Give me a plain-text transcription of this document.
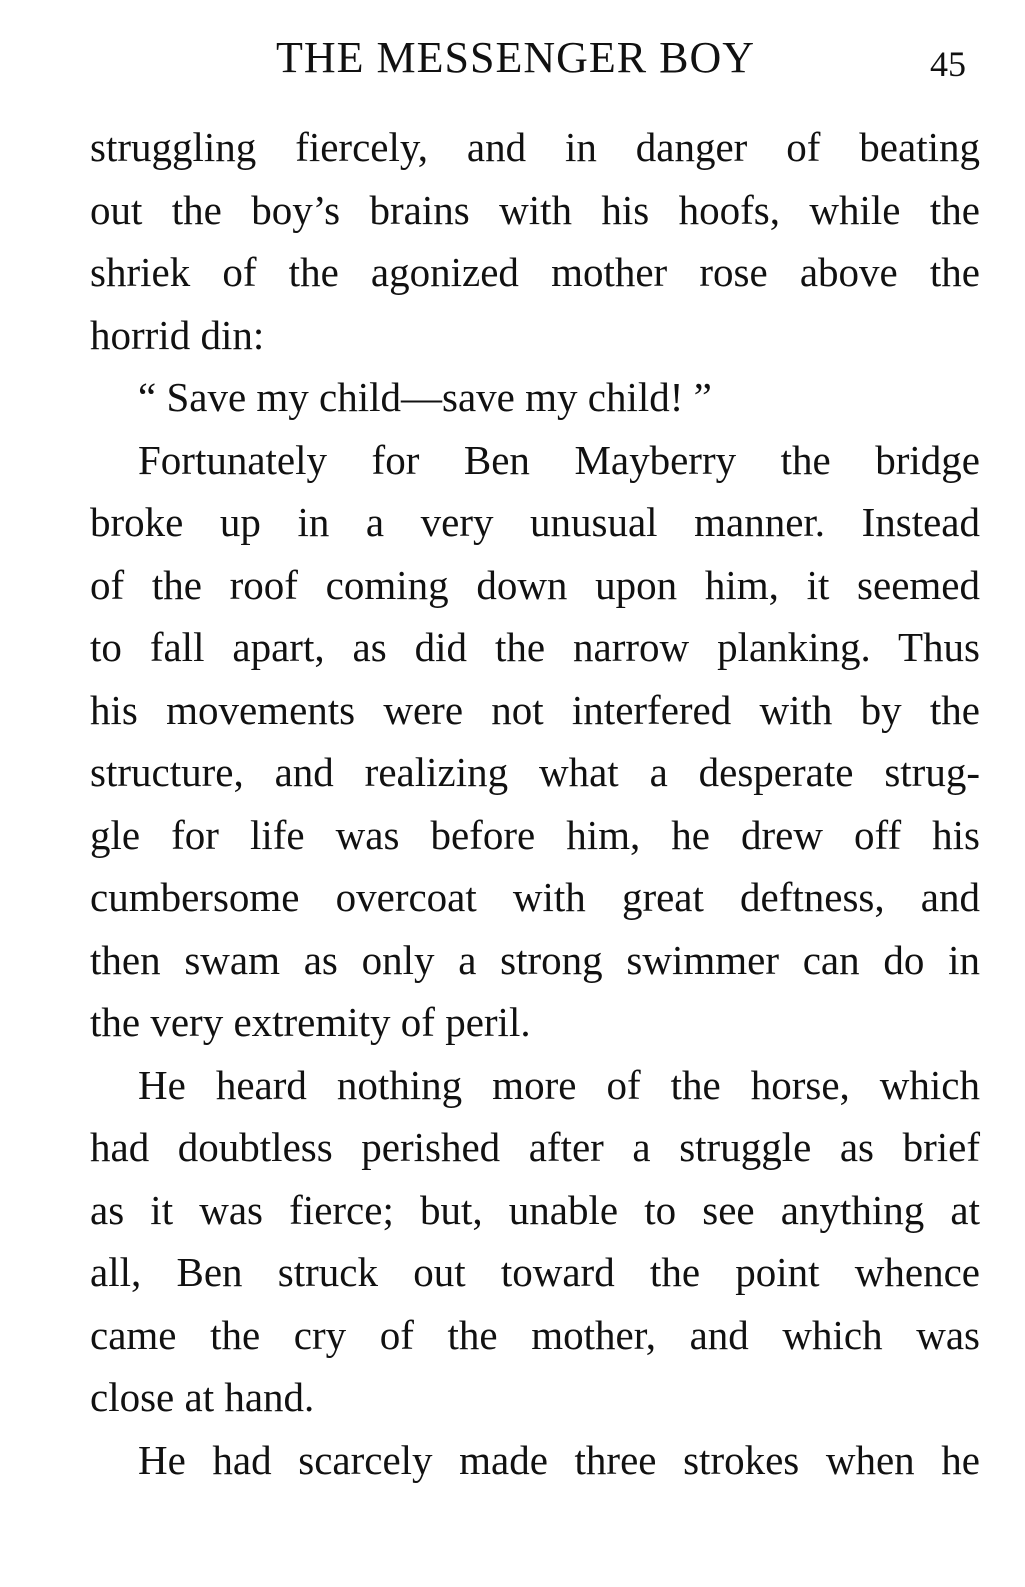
THE MESSENGER BOY	45
struggling fiercely, and in danger of beating
out the boy’s brains with his hoofs, while the
shriek of the agonized mother rose above the
horrid din:
“ Save my child—save my child! ”
Fortunately for Ben Mayberry the bridge
broke up in a very unusual manner. Instead
of the roof coming down upon him, it seemed
to fall apart, as did the narrow planking. Thus
his movements were not interfered with by the
structure, and realizing what a desperate strug-
gle for life was before him, he drew off his
cumbersome overcoat with great deftness, and
then swam as only a strong swimmer can do in
the very extremity of peril.
He heard nothing more of the horse, which
had doubtless perished after a struggle as brief
as it was fierce; but, unable to see anything at
all, Ben struck out toward the point whence
came the cry of the mother, and which was
close at hand.
He had scarcely made three strokes when he
